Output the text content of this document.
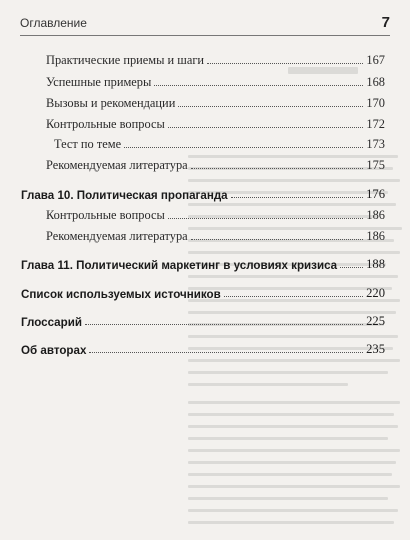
Оглавление	7
Практические приемы и шаги	167
Успешные примеры	168
Вызовы и рекомендации	170
Контрольные вопросы	172
Тест по теме	173
Рекомендуемая литература	175
Глава 10. Политическая пропаганда	176
Контрольные вопросы	186
Рекомендуемая литература	186
Глава 11. Политический маркетинг в условиях кризиса 188
Список используемых источников	220
Глоссарий	225
Об авторах	235
